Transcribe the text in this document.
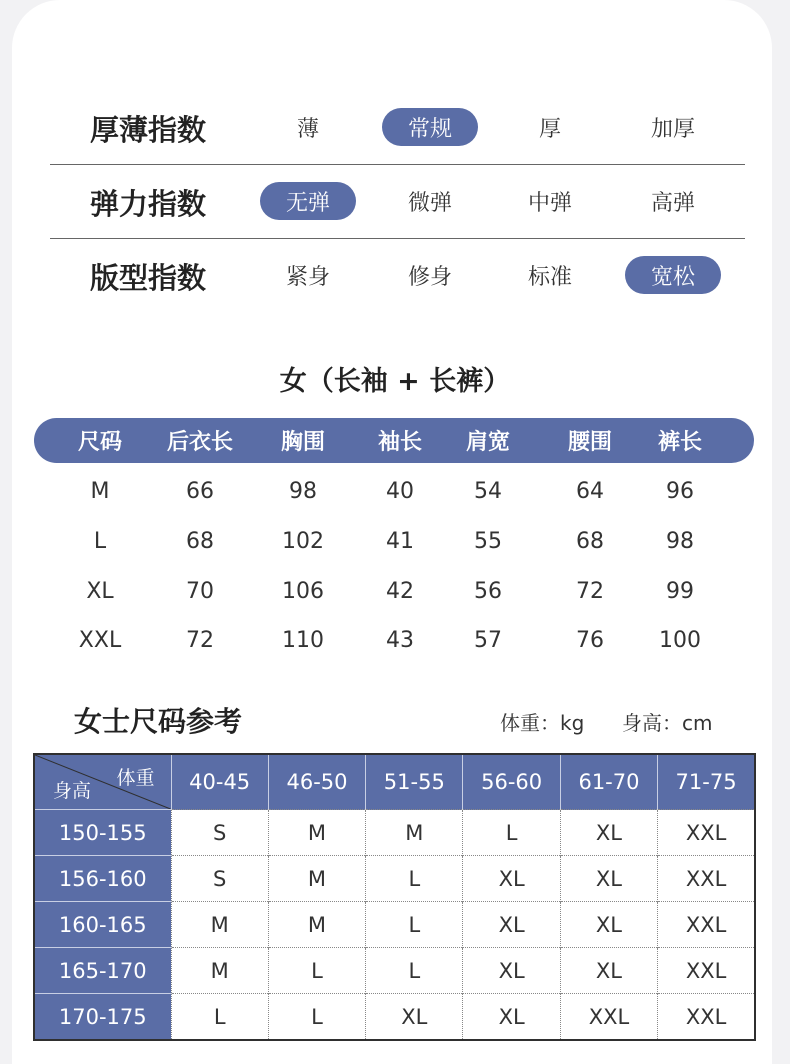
厚薄指数	薄	常规	厚	加厚
弹力指数	无弹	微弹	中弹	高弹
版型指数	紧身	修身	标准	宽松
女（长袖 + 长裤）
尺码	后衣长	胸围	袖长	肩宽	腰围	裤长
M	66	98	40	54	64	96
L	68	102	41	55	68	98
XL	70	106	42	56	72	99
XXL	72	110	43	57	76	100
女士尺码参考	体重：kg 身高：cm
体重
身高	40-45	46-50	51-55	56-60	61-70	71-75
150-155	S	M	M	L	XL	XXL
156-160	S	M	L	XL	XL	XXL
160-165	M	M	L	XL	XL	XXL
165-170	M	L	L	XL	XL	XXL
170-175	L	L	XL	XL	XXL	XXL
